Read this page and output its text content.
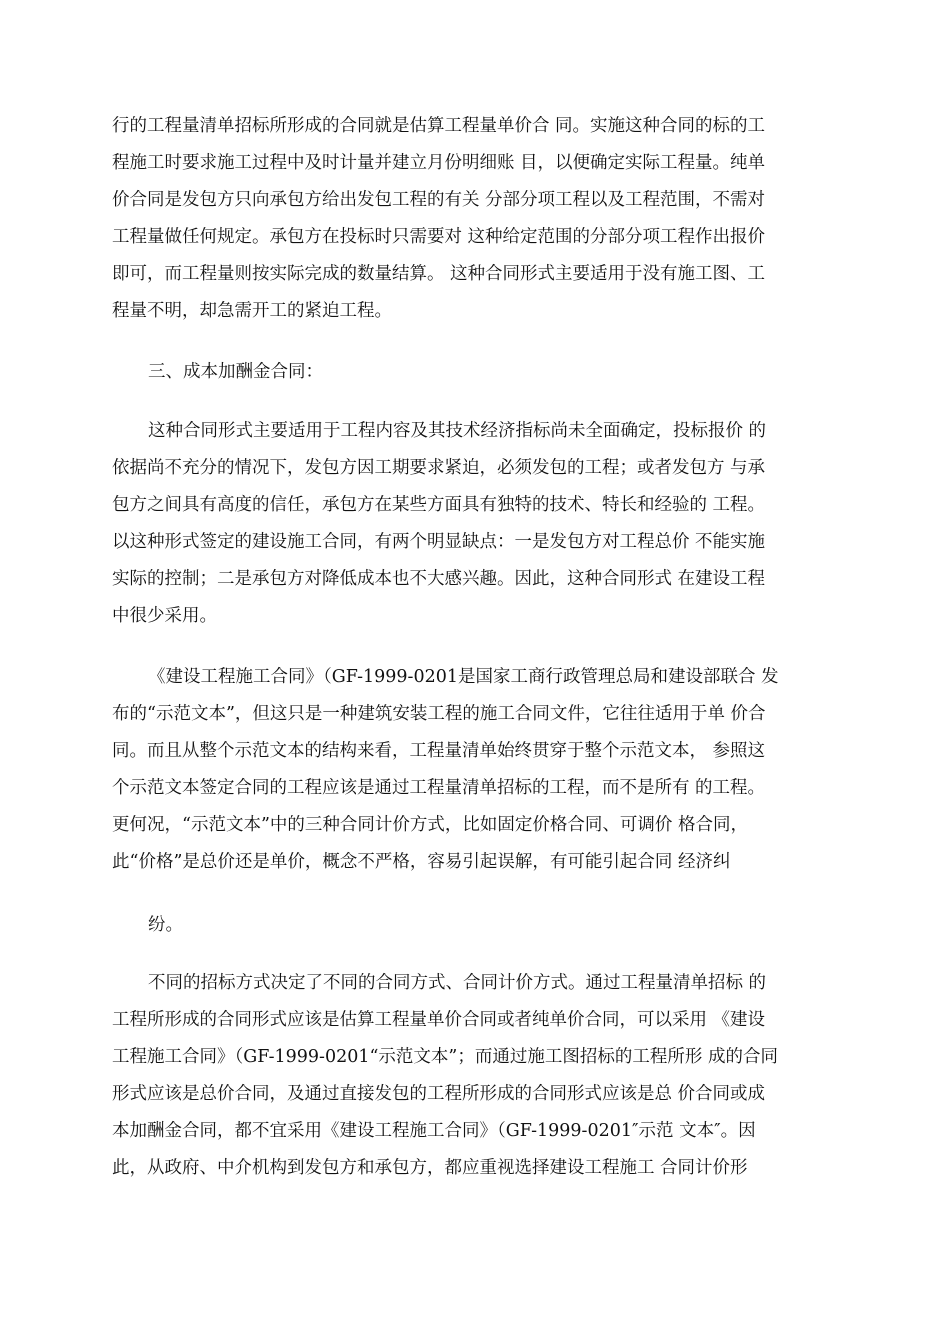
行的工程量清单招标所形成的合同就是估算工程量单价合 同。实施这种合同的标的工
程施工时要求施工过程中及时计量并建立月份明细账 目，以便确定实际工程量。纯单
价合同是发包方只向承包方给出发包工程的有关 分部分项工程以及工程范围，不需对
工程量做任何规定。承包方在投标时只需要对 这种给定范围的分部分项工程作出报价
即可，而工程量则按实际完成的数量结算。 这种合同形式主要适用于没有施工图、工
程量不明，却急需开工的紧迫工程。
三、成本加酬金合同：
这种合同形式主要适用于工程内容及其技术经济指标尚未全面确定，投标报价 的
依据尚不充分的情况下，发包方因工期要求紧迫，必须发包的工程；或者发包方 与承
包方之间具有高度的信任，承包方在某些方面具有独特的技术、特长和经验的 工程。
以这种形式签定的建设施工合同，有两个明显缺点：一是发包方对工程总价 不能实施
实际的控制；二是承包方对降低成本也不大感兴趣。因此，这种合同形式 在建设工程
中很少采用。
《建设工程施工合同》（GF-1999-0201是国家工商行政管理总局和建设部联合 发
布的“示范文本”，但这只是一种建筑安装工程的施工合同文件，它往往适用于单 价合
同。而且从整个示范文本的结构来看，工程量清单始终贯穿于整个示范文本， 参照这
个示范文本签定合同的工程应该是通过工程量清单招标的工程，而不是所有 的工程。
更何况，“示范文本”中的三种合同计价方式，比如固定价格合同、可调价 格合同，
此“价格”是总价还是单价，概念不严格，容易引起误解，有可能引起合同 经济纠
纷。
不同的招标方式决定了不同的合同方式、合同计价方式。通过工程量清单招标 的
工程所形成的合同形式应该是估算工程量单价合同或者纯单价合同，可以采用 《建设
工程施工合同》（GF-1999-0201“示范文本”；而通过施工图招标的工程所形 成的合同
形式应该是总价合同，及通过直接发包的工程所形成的合同形式应该是总 价合同或成
本加酬金合同，都不宜采用《建设工程施工合同》（GF-1999-0201″示范 文本″。因
此，从政府、中介机构到发包方和承包方，都应重视选择建设工程施工 合同计价形
